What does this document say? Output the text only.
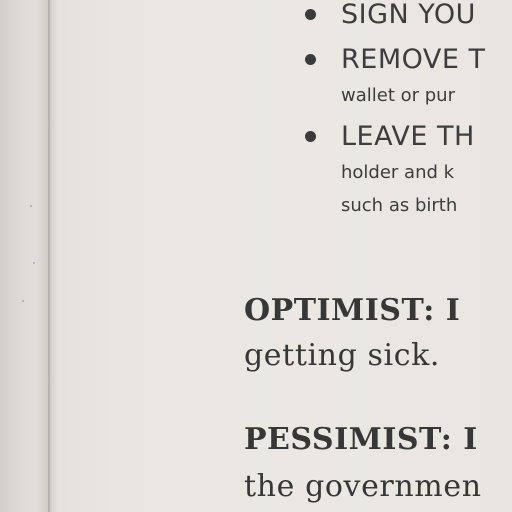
SIGN YOU
REMOVE T
wallet or pur
LEAVE TH
holder and k
such as birth
OPTIMIST: I
getting sick.
PESSIMIST: I
the governmen
